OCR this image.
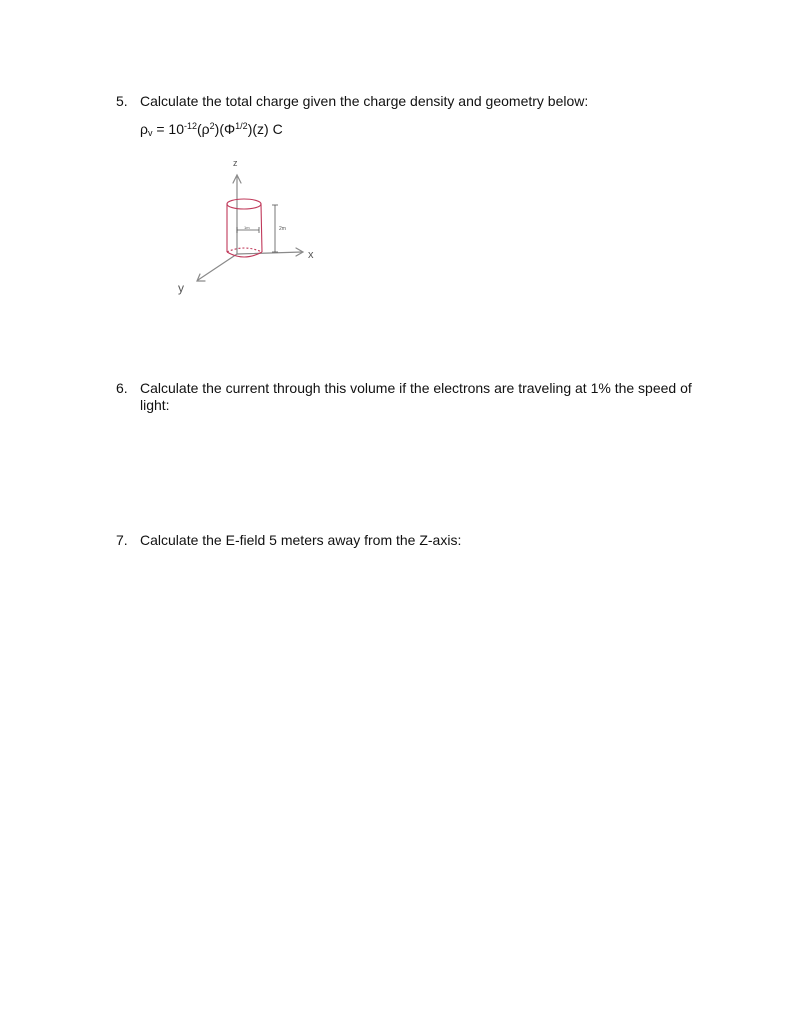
5. Calculate the total charge given the charge density and geometry below:
$\rho_v = 10^{-12}(\rho^2)(\Phi^{1/2})(z)$ C
z
x
y
1m	2m
6. Calculate the current through this volume if the electrons are traveling at 1% the speed of light:
7. Calculate the E-field 5 meters away from the Z-axis:
